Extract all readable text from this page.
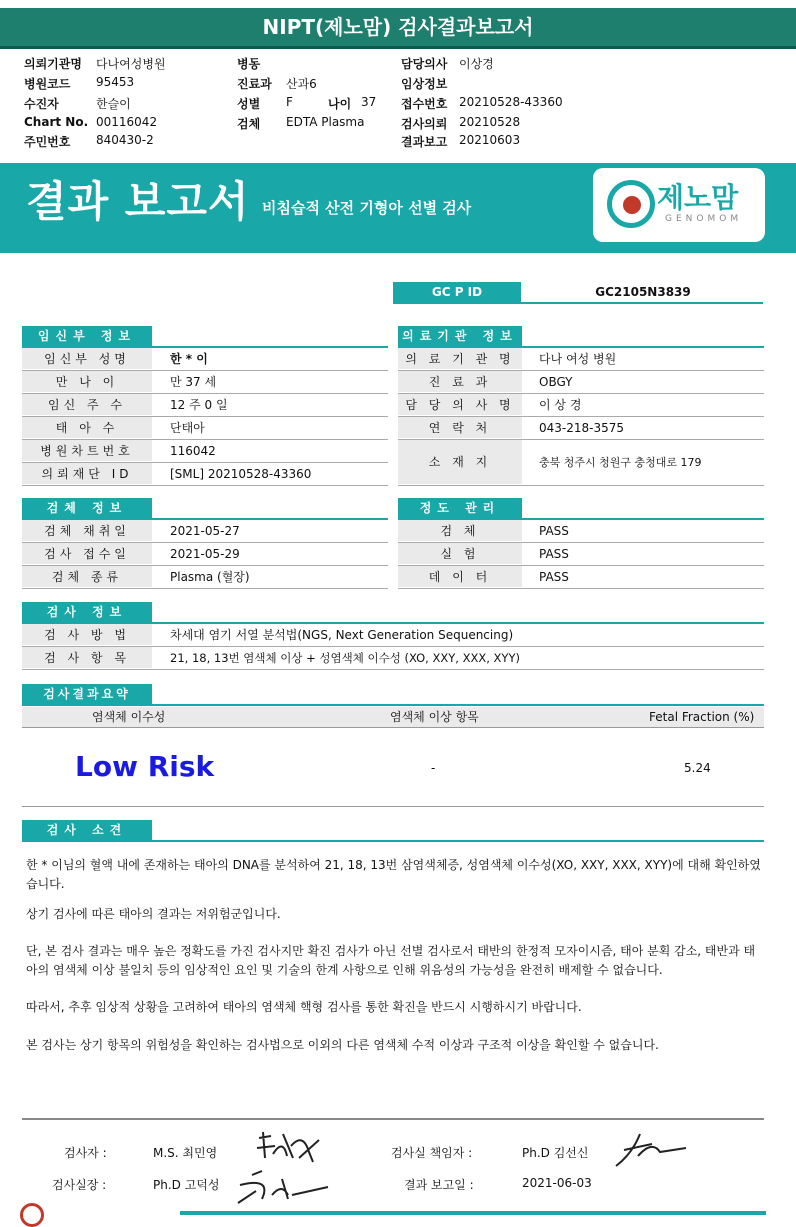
NIPT(제노맘) 검사결과보고서
의뢰기관명 다나여성병원
병원코드 95453
수진자	한슬이
Chart No. 00116042
주민번호 840430-2
병동
진료과 산과6
성별 F	나이 37
검체 EDTA Plasma
담당의사 이상경
임상정보
접수번호 20210528-43360
검사의뢰 20210528
결과보고 20210603
결과 보고서 비침습적 산전 기형아 선별 검사	제노맘
GENOMOM
GC P ID	GC2105N3839
임신부 정보
임신부 성명	한 * 이
만 나 이	만 37 세
임신 주 수	12 주 0 일
태 아 수	단태아
병원차트번호	116042
의뢰재단 ID	[SML] 20210528-43360
의료기관 정보
의 료 기 관 명	다나 여성 병원
진 료 과	OBGY
담 당 의 사 명	이 상 경
연 락 처	043-218-3575
소 재 지	충북 청주시 청원구 충청대로 179
검체 정보
검체 채취일	2021-05-27
검사 접수일	2021-05-29
검체 종류	Plasma (혈장)
정도 관리
검 체	PASS
실 험	PASS
데 이 터	PASS
검사 정보
검 사 방 법	차세대 염기 서열 분석법(NGS, Next Generation Sequencing)
검 사 항 목	21, 18, 13번 염색체 이상 + 성염색체 이수성 (XO, XXY, XXX, XYY)
검사결과요약
염색체 이수성	염색체 이상 항목	Fetal Fraction (%)
Low Risk	-	5.24
검사 소견
한 * 이님의 혈액 내에 존재하는 태아의 DNA를 분석하여 21, 18, 13번 삼염색체증, 성염색체 이수성(XO, XXY, XXX, XYY)에 대해 확인하였습니다.
상기 검사에 따른 태아의 결과는 저위험군입니다.
단, 본 검사 결과는 매우 높은 정확도를 가진 검사지만 확진 검사가 아닌 선별 검사로서 태반의 한정적 모자이시즘, 태아 분획 감소, 태반과 태아의 염색체 이상 불일치 등의 임상적인 요인 및 기술의 한계 사항으로 인해 위음성의 가능성을 완전히 배제할 수 없습니다.
따라서, 추후 임상적 상황을 고려하여 태아의 염색체 핵형 검사를 통한 확진을 반드시 시행하시기 바랍니다.
본 검사는 상기 항목의 위험성을 확인하는 검사법으로 이외의 다른 염색체 수적 이상과 구조적 이상을 확인할 수 없습니다.
검사자 :	M.S. 최민영	검사실 책임자 :	Ph.D 김선신
검사실장 :	Ph.D 고덕성	결과 보고일 :	2021-06-03
